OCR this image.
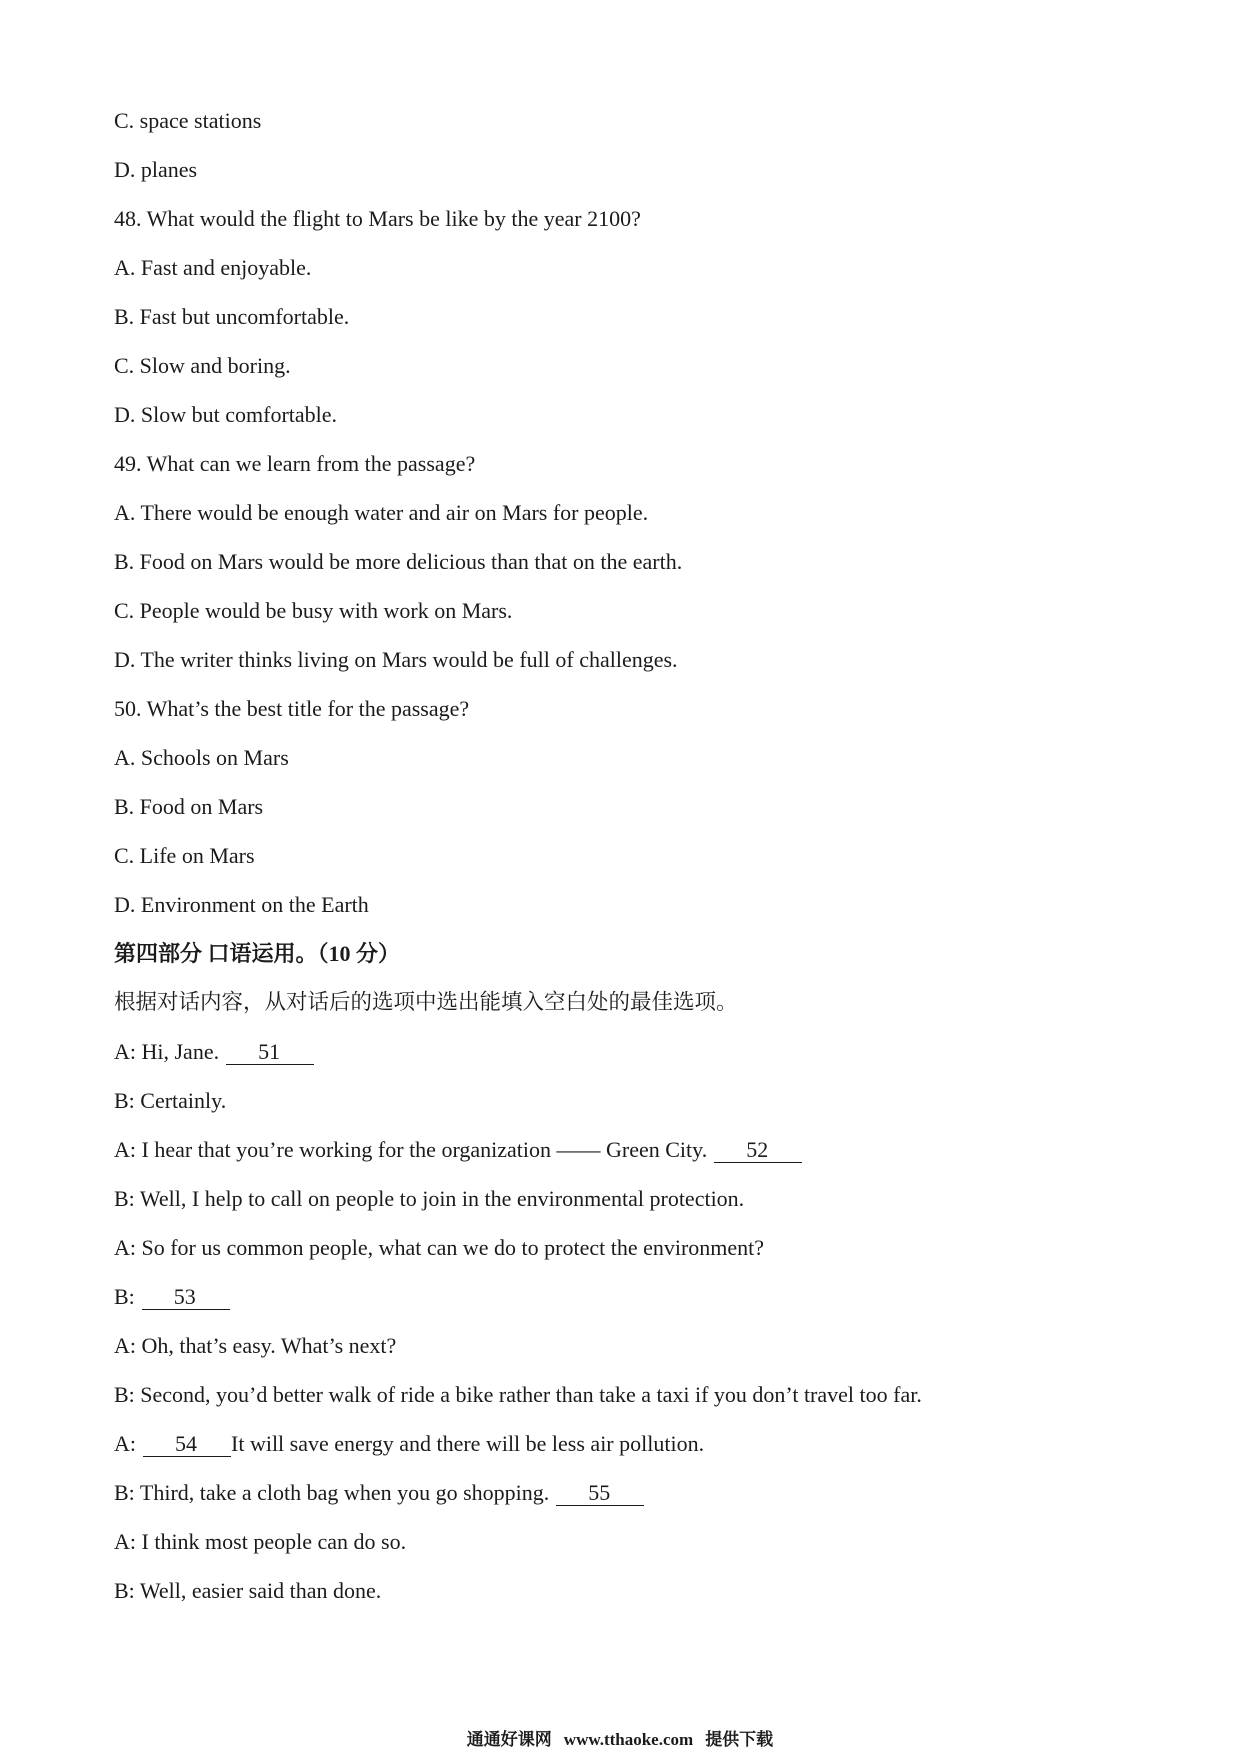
C. space stations
D. planes
48. What would the flight to Mars be like by the year 2100?
A. Fast and enjoyable.
B. Fast but uncomfortable.
C. Slow and boring.
D. Slow but comfortable.
49. What can we learn from the passage?
A. There would be enough water and air on Mars for people.
B. Food on Mars would be more delicious than that on the earth.
C. People would be busy with work on Mars.
D. The writer thinks living on Mars would be full of challenges.
50. What’s the best title for the passage?
A. Schools on Mars
B. Food on Mars
C. Life on Mars
D. Environment on the Earth
第四部分 口语运用。（10 分）
根据对话内容，从对话后的选项中选出能填入空白处的最佳选项。
A: Hi, Jane. 51
B: Certainly.
A: I hear that you’re working for the organization —— Green City. 52
B: Well, I help to call on people to join in the environmental protection.
A: So for us common people, what can we do to protect the environment?
B: 53
A: Oh, that’s easy. What’s next?
B: Second, you’d better walk of ride a bike rather than take a taxi if you don’t travel too far.
A: 54 It will save energy and there will be less air pollution.
B: Third, take a cloth bag when you go shopping. 55
A: I think most people can do so.
B: Well, easier said than done.
通通好课网 www.tthaoke.com 提供下载
